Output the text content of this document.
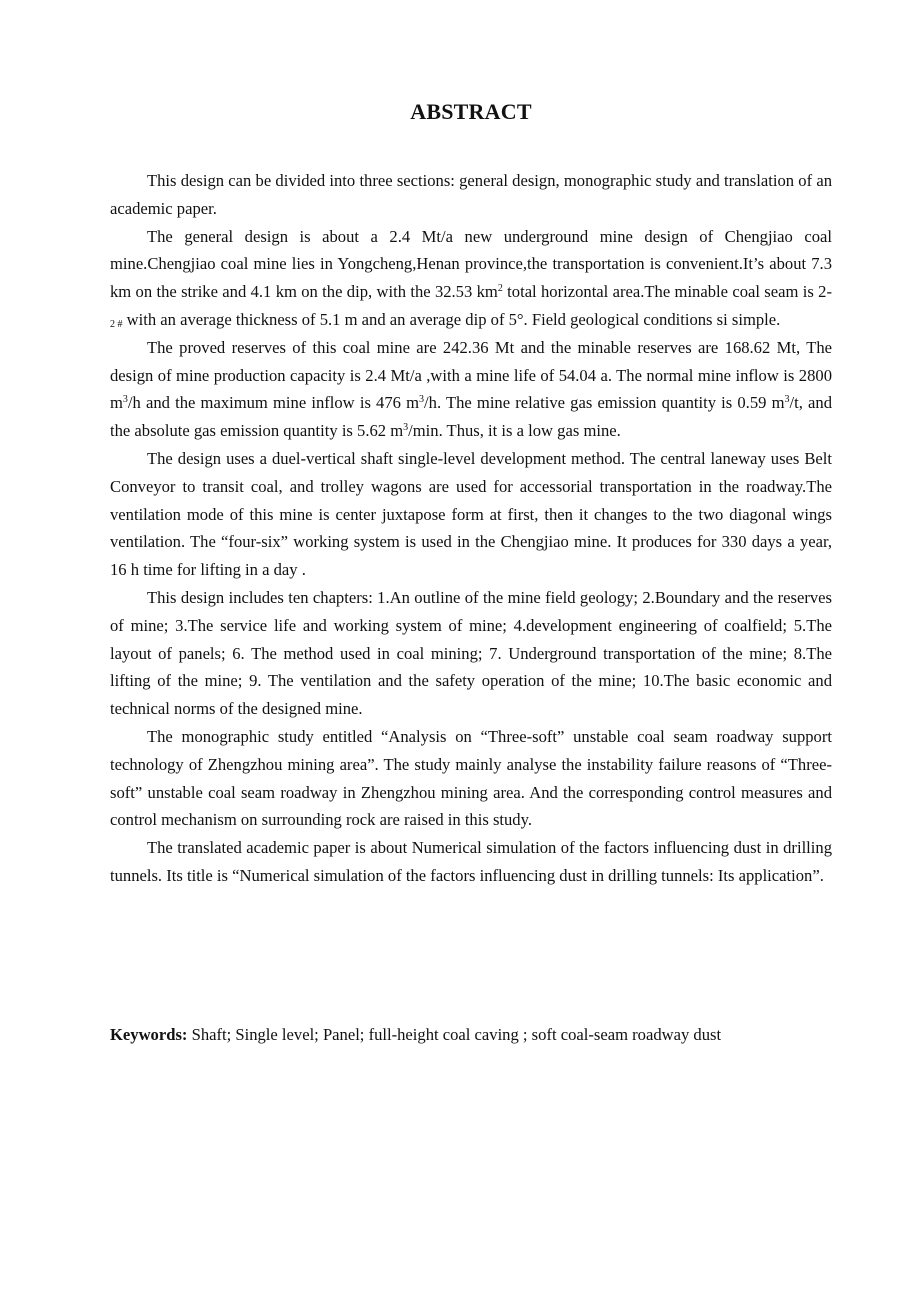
ABSTRACT

This design can be divided into three sections: general design, monographic study and translation of an academic paper.

The general design is about a 2.4 Mt/a new underground mine design of Chengjiao coal mine.Chengjiao coal mine lies in Yongcheng,Henan province,the transportation is convenient.It’s about 7.3 km on the strike and 4.1 km on the dip, with the 32.53 $km^2$ total horizontal area.The minable coal seam is $2-_{2 \#}$ with an average thickness of 5.1 m and an average dip of 5°. Field geological conditions si simple.

The proved reserves of this coal mine are 242.36 Mt and the minable reserves are 168.62 Mt, The design of mine production capacity is 2.4 Mt/a ,with a mine life of 54.04 a. The normal mine inflow is 2800 $m^3/h$ and the maximum mine inflow is 476 $m^3/h$. The mine relative gas emission quantity is 0.59 $m^3/t$, and the absolute gas emission quantity is 5.62 $m^3/\min$. Thus, it is a low gas mine.

The design uses a duel-vertical shaft single-level development method. The central laneway uses Belt Conveyor to transit coal, and trolley wagons are used for accessorial transportation in the roadway.The ventilation mode of this mine is center juxtapose form at first, then it changes to the two diagonal wings ventilation. The “four-six” working system is used in the Chengjiao mine. It produces for 330 days a year, 16 h time for lifting in a day .

This design includes ten chapters: 1.An outline of the mine field geology; 2.Boundary and the reserves of mine; 3.The service life and working system of mine; 4.development engineering of coalfield; 5.The layout of panels; 6. The method used in coal mining; 7. Underground transportation of the mine; 8.The lifting of the mine; 9. The ventilation and the safety operation of the mine; 10.The basic economic and technical norms of the designed mine.

The monographic study entitled “Analysis on “Three-soft” unstable coal seam roadway support technology of Zhengzhou mining area”. The study mainly analyse the instability failure reasons of “Three-soft” unstable coal seam roadway in Zhengzhou mining area. And the corresponding control measures and control mechanism on surrounding rock are raised in this study.

The translated academic paper is about Numerical simulation of the factors influencing dust in drilling tunnels. Its title is “Numerical simulation of the factors influencing dust in drilling tunnels: Its application”.

Keywords: Shaft; Single level; Panel; full-height coal caving ; soft coal-seam roadway dust
